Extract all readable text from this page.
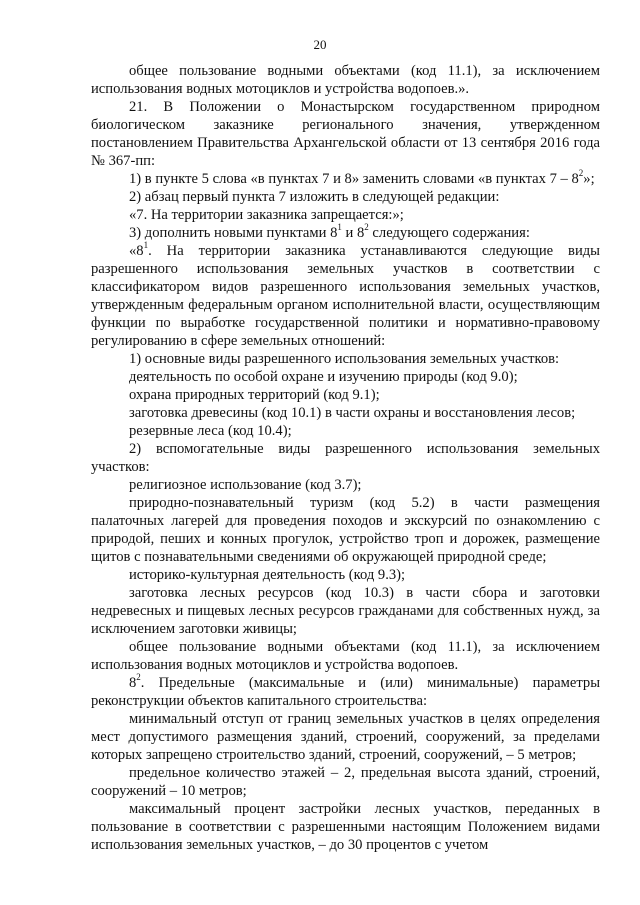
20

общее пользование водными объектами (код 11.1), за исключением использования водных мотоциклов и устройства водопоев.».

21. В Положении о Монастырском государственном природном биологическом заказнике регионального значения, утвержденном постановлением Правительства Архангельской области от 13 сентября 2016 года № 367-пп:

1) в пункте 5 слова «в пунктах 7 и 8» заменить словами «в пунктах $7 - 8^2$»;

2) абзац первый пункта 7 изложить в следующей редакции:

«7. На территории заказника запрещается:»;

3) дополнить новыми пунктами $8^1$ и $8^2$ следующего содержания:

«$8^1$. На территории заказника устанавливаются следующие виды разрешенного использования земельных участков в соответствии с классификатором видов разрешенного использования земельных участков, утвержденным федеральным органом исполнительной власти, осуществляющим функции по выработке государственной политики и нормативно-правовому регулированию в сфере земельных отношений:

1) основные виды разрешенного использования земельных участков:

деятельность по особой охране и изучению природы (код 9.0);

охрана природных территорий (код 9.1);

заготовка древесины (код 10.1) в части охраны и восстановления лесов;

резервные леса (код 10.4);

2) вспомогательные виды разрешенного использования земельных участков:

религиозное использование (код 3.7);

природно-познавательный туризм (код 5.2) в части размещения палаточных лагерей для проведения походов и экскурсий по ознакомлению с природой, пеших и конных прогулок, устройство троп и дорожек, размещение щитов с познавательными сведениями об окружающей природной среде;

историко-культурная деятельность (код 9.3);

заготовка лесных ресурсов (код 10.3) в части сбора и заготовки недревесных и пищевых лесных ресурсов гражданами для собственных нужд, за исключением заготовки живицы;

общее пользование водными объектами (код 11.1), за исключением использования водных мотоциклов и устройства водопоев.

$8^2$. Предельные (максимальные и (или) минимальные) параметры реконструкции объектов капитального строительства:

минимальный отступ от границ земельных участков в целях определения мест допустимого размещения зданий, строений, сооружений, за пределами которых запрещено строительство зданий, строений, сооружений, – 5 метров;

предельное количество этажей – 2, предельная высота зданий, строений, сооружений – 10 метров;

максимальный процент застройки лесных участков, переданных в пользование в соответствии с разрешенными настоящим Положением видами использования земельных участков, – до 30 процентов с учетом
